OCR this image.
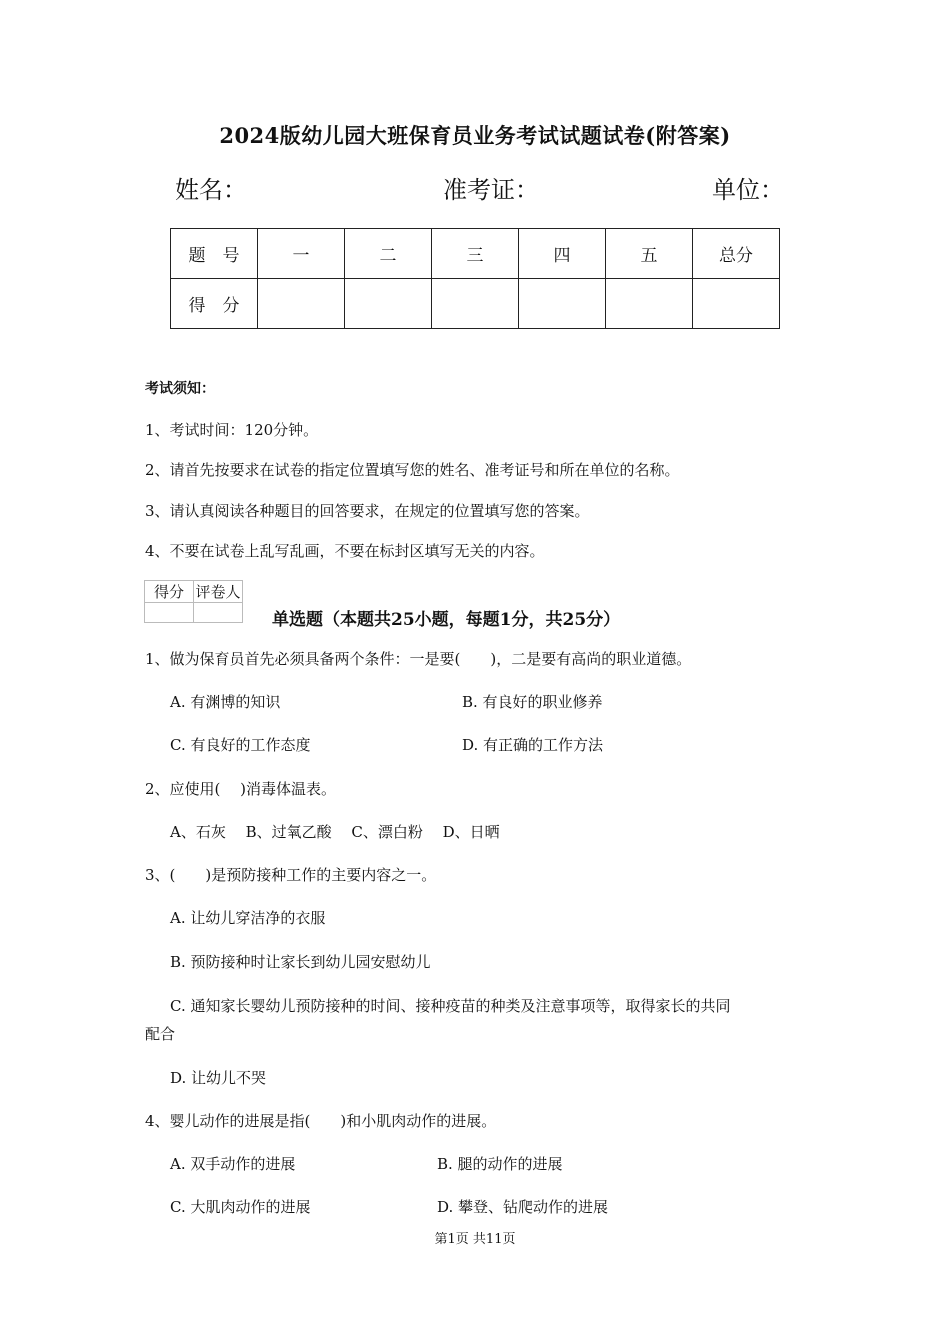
2024版幼儿园大班保育员业务考试试题试卷(附答案)
姓名：	准考证：	单位：
题　号	一	二	三	四	五	总分
得　分						
考试须知：
1、考试时间：120分钟。
2、请首先按要求在试卷的指定位置填写您的姓名、准考证号和所在单位的名称。
3、请认真阅读各种题目的回答要求，在规定的位置填写您的答案。
4、不要在试卷上乱写乱画，不要在标封区填写无关的内容。
得分	评卷人

单选题（本题共25小题，每题1分，共25分）
1、做为保育员首先必须具备两个条件：一是要(　　)，二是要有高尚的职业道德。
A. 有渊博的知识	B. 有良好的职业修养
C. 有良好的工作态度	D. 有正确的工作方法
2、应使用(　 )消毒体温表。
A、石灰　 B、过氧乙酸　 C、漂白粉　 D、日晒
3、(　　)是预防接种工作的主要内容之一。
A. 让幼儿穿洁净的衣服
B. 预防接种时让家长到幼儿园安慰幼儿
C. 通知家长婴幼儿预防接种的时间、接种疫苗的种类及注意事项等，取得家长的共同
配合
D. 让幼儿不哭
4、婴儿动作的进展是指(　　)和小肌肉动作的进展。
A. 双手动作的进展	B. 腿的动作的进展
C. 大肌肉动作的进展	D. 攀登、钻爬动作的进展
第1页 共11页
